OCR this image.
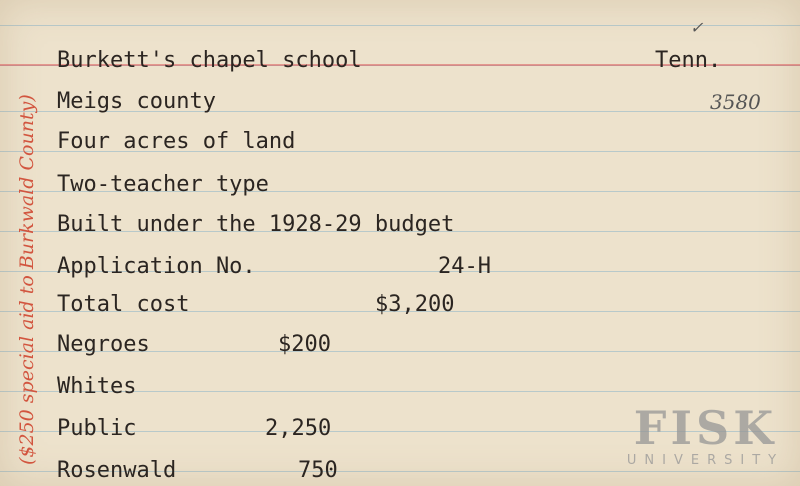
Burkett's chapel school	Tenn.
Meigs county
Four acres of land
Two-teacher type
Built under the 1928-29 budget
Application No.	24-H
Total cost	$3,200
Negroes	$200
Whites
Public	2,250
Rosenwald	750
✓
3580
($250 special aid to Burkwald County)	FISK
UNIVERSITY
